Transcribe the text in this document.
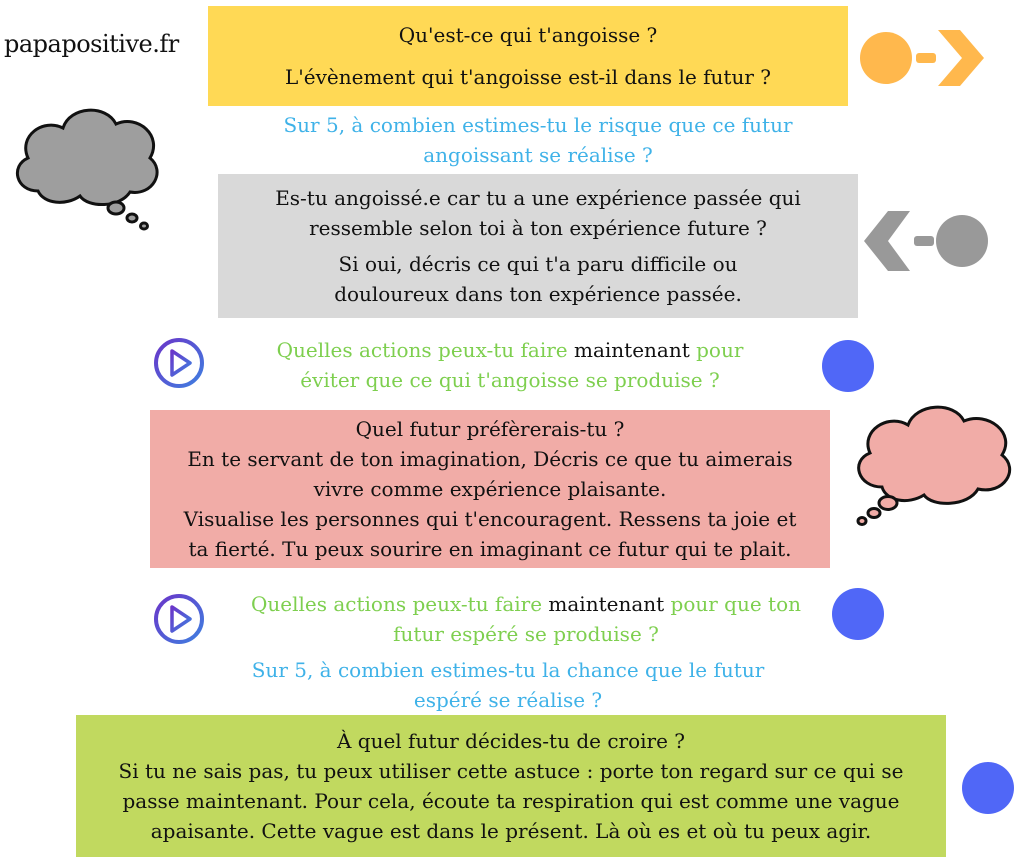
papapositive.fr	Qu'est-ce qui t'angoisse ?
L'évènement qui t'angoisse est-il dans le futur ?
Sur 5, à combien estimes-tu le risque que ce futur
angoissant se réalise ?
Es-tu angoissé.e car tu a une expérience passée qui
ressemble selon toi à ton expérience future ?
Si oui, décris ce qui t'a paru difficile ou
douloureux dans ton expérience passée.
Quelles actions peux-tu faire maintenant pour
éviter que ce qui t'angoisse se produise ?
Quel futur préfèrerais-tu ?
En te servant de ton imagination, Décris ce que tu aimerais
vivre comme expérience plaisante.
Visualise les personnes qui t'encouragent. Ressens ta joie et
ta fierté. Tu peux sourire en imaginant ce futur qui te plait.
Quelles actions peux-tu faire maintenant pour que ton
futur espéré se produise ?
Sur 5, à combien estimes-tu la chance que le futur
espéré se réalise ?
À quel futur décides-tu de croire ?
Si tu ne sais pas, tu peux utiliser cette astuce : porte ton regard sur ce qui se
passe maintenant. Pour cela, écoute ta respiration qui est comme une vague
apaisante. Cette vague est dans le présent. Là où es et où tu peux agir.
